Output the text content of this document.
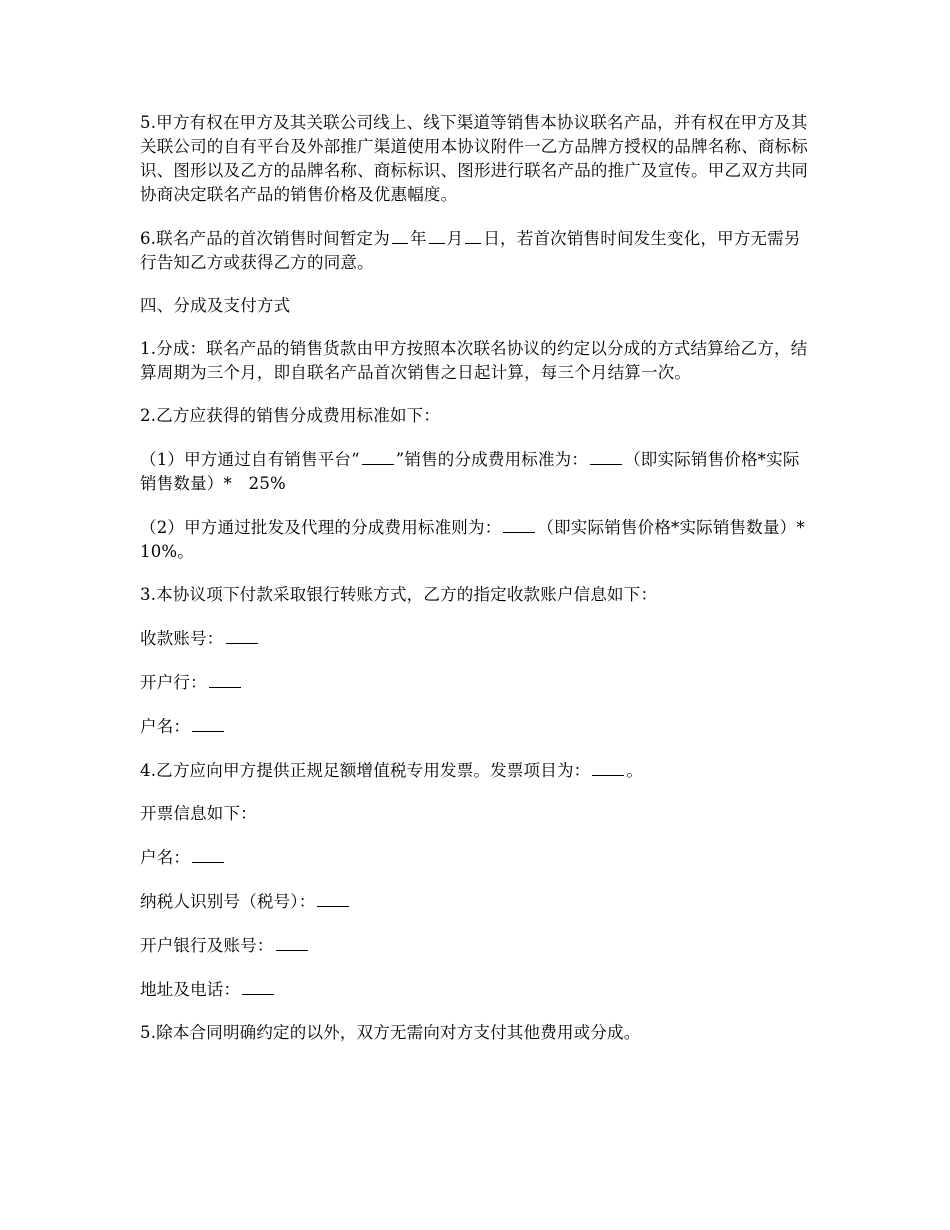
5.甲方有权在甲方及其关联公司线上、线下渠道等销售本协议联名产品，并有权在甲方及其关联公司的自有平台及外部推广渠道使用本协议附件一乙方品牌方授权的品牌名称、商标标识、图形以及乙方的品牌名称、商标标识、图形进行联名产品的推广及宣传。甲乙双方共同协商决定联名产品的销售价格及优惠幅度。

6.联名产品的首次销售时间暂定为 年 月 日，若首次销售时间发生变化，甲方无需另行告知乙方或获得乙方的同意。

四、分成及支付方式

1.分成：联名产品的销售货款由甲方按照本次联名协议的约定以分成的方式结算给乙方，结算周期为三个月，即自联名产品首次销售之日起计算，每三个月结算一次。

2.乙方应获得的销售分成费用标准如下：

（1）甲方通过自有销售平台“ ”销售的分成费用标准为： （即实际销售价格*实际销售数量）*　25%

（2）甲方通过批发及代理的分成费用标准则为： （即实际销售价格*实际销售数量）*10%。

3.本协议项下付款采取银行转账方式，乙方的指定收款账户信息如下：

收款账号：

开户行：

户名：

4.乙方应向甲方提供正规足额增值税专用发票。发票项目为： 。

开票信息如下：

户名：

纳税人识别号（税号）：

开户银行及账号：

地址及电话：

5.除本合同明确约定的以外，双方无需向对方支付其他费用或分成。
